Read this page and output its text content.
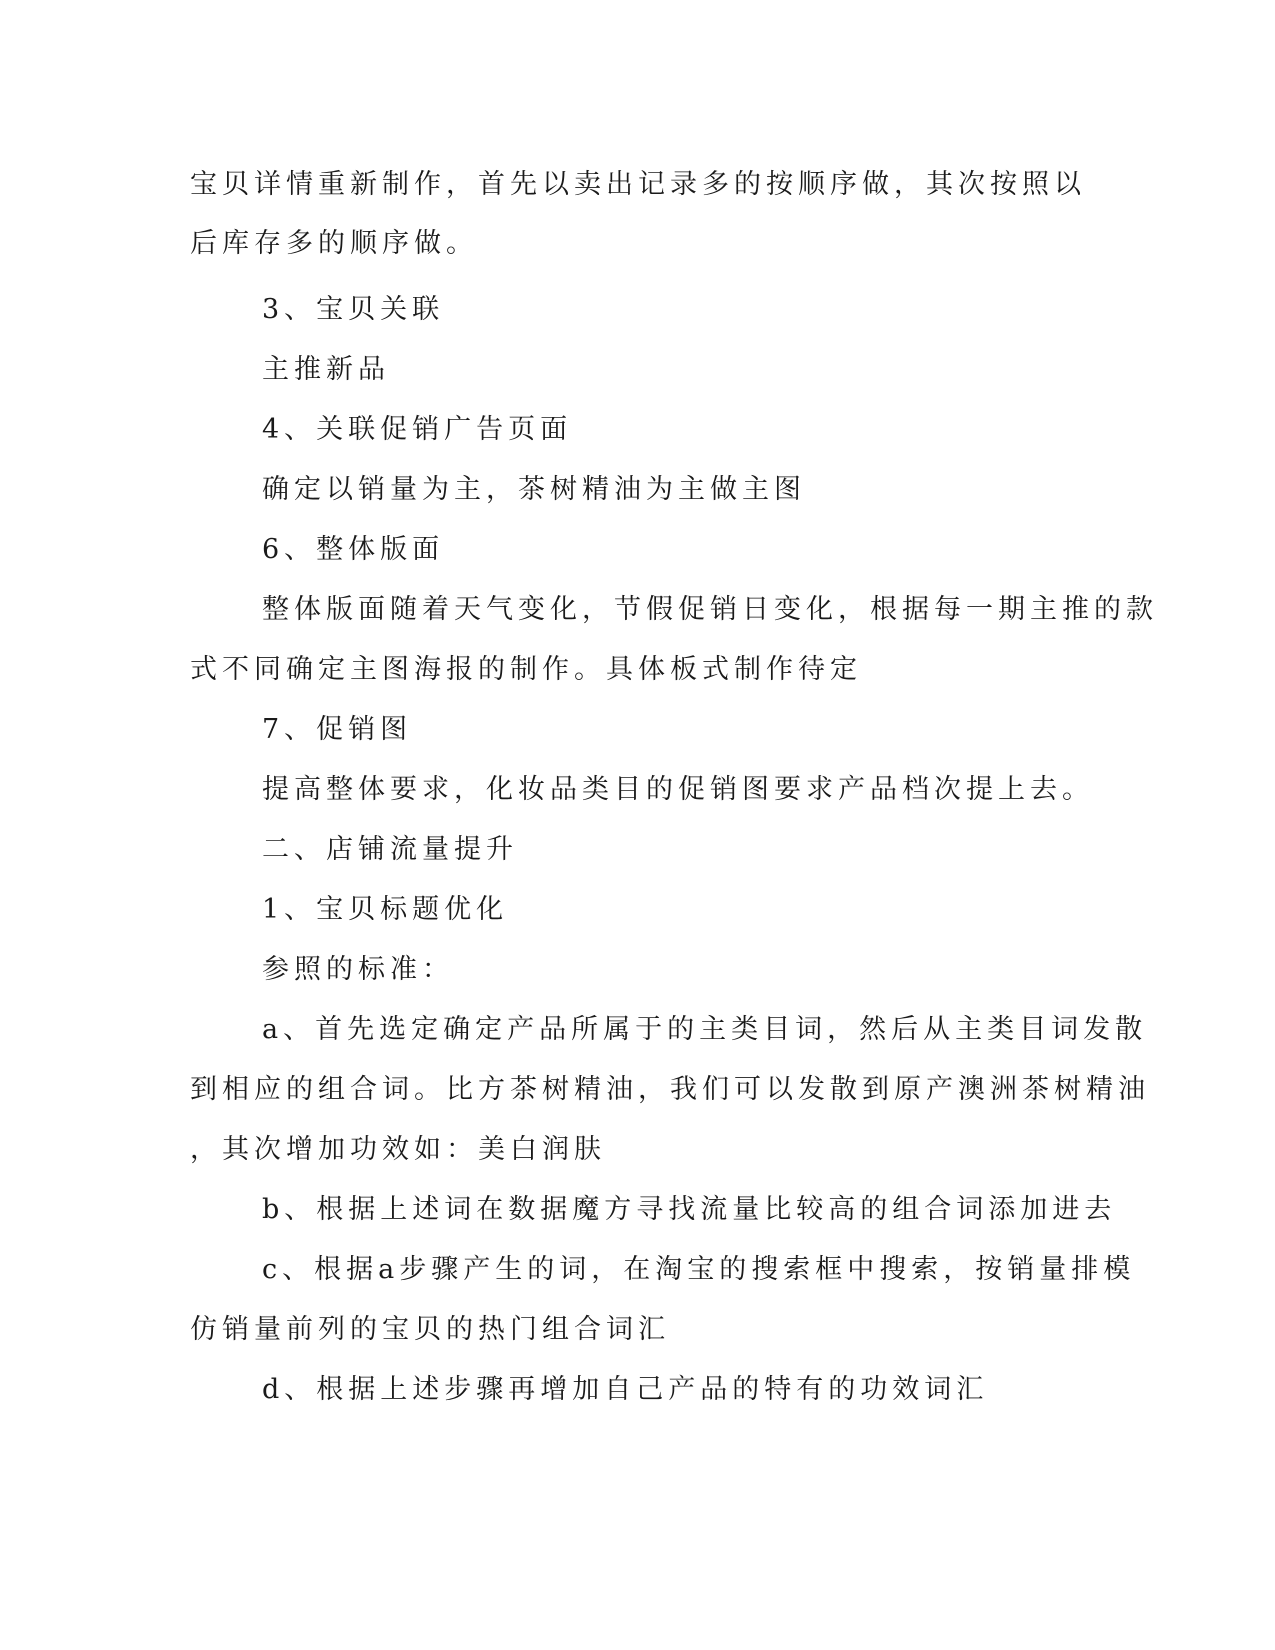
宝贝详情重新制作，首先以卖出记录多的按顺序做，其次按照以
后库存多的顺序做。
3、宝贝关联
主推新品
4、关联促销广告页面
确定以销量为主，茶树精油为主做主图
6、整体版面
整体版面随着天气变化，节假促销日变化，根据每一期主推的款
式不同确定主图海报的制作。具体板式制作待定
7、促销图
提高整体要求，化妆品类目的促销图要求产品档次提上去。
二、店铺流量提升
1、宝贝标题优化
参照的标准：
a、首先选定确定产品所属于的主类目词，然后从主类目词发散
到相应的组合词。比方茶树精油，我们可以发散到原产澳洲茶树精油
，其次增加功效如：美白润肤
b、根据上述词在数据魔方寻找流量比较高的组合词添加进去
c、根据a步骤产生的词，在淘宝的搜索框中搜索，按销量排模
仿销量前列的宝贝的热门组合词汇
d、根据上述步骤再增加自己产品的特有的功效词汇
